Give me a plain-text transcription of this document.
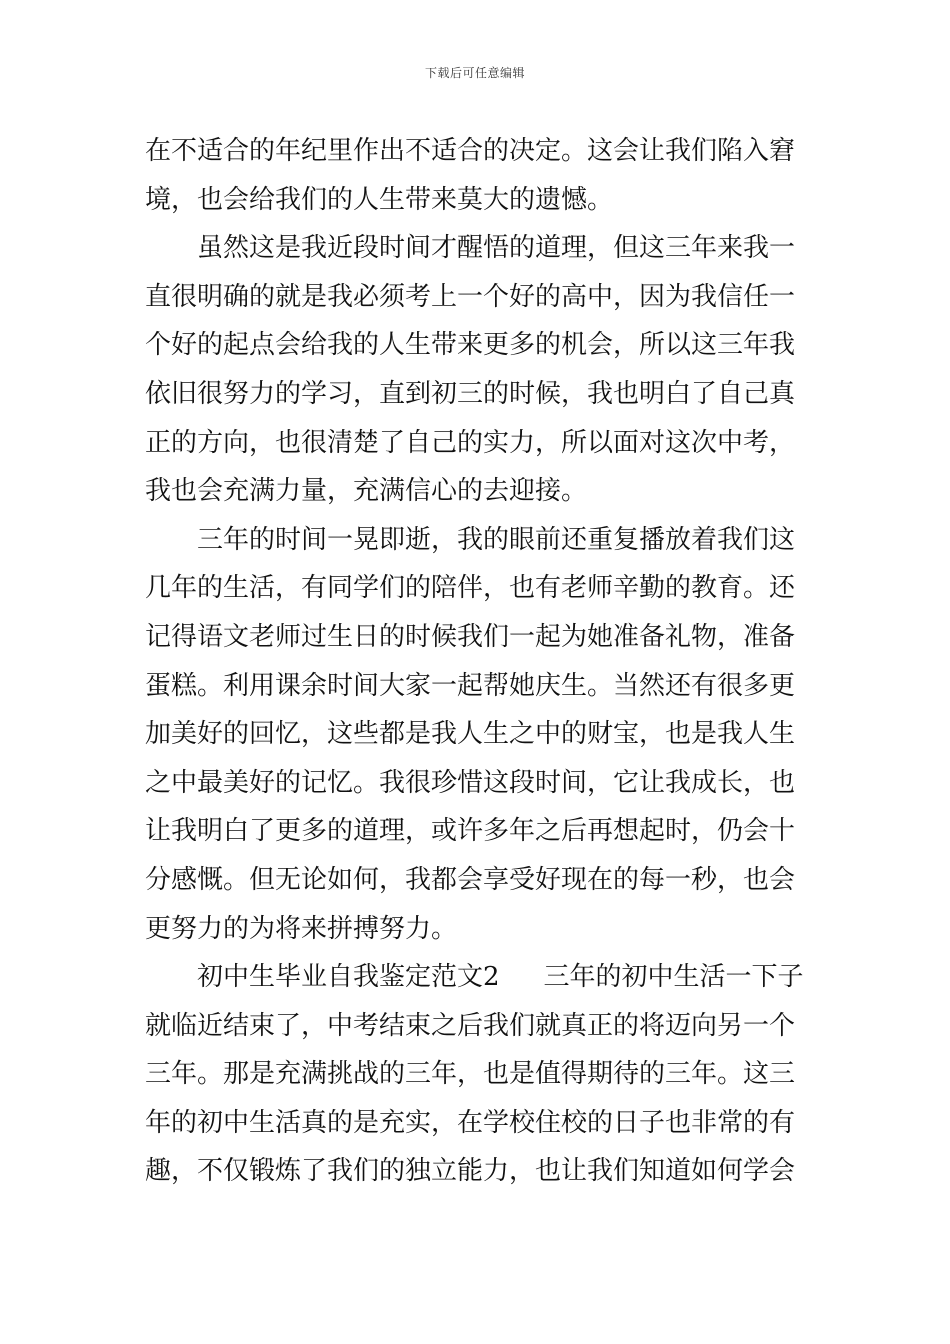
下载后可任意编辑
在不适合的年纪里作出不适合的决定。这会让我们陷入窘
境，也会给我们的人生带来莫大的遗憾。
虽然这是我近段时间才醒悟的道理，但这三年来我一
直很明确的就是我必须考上一个好的高中，因为我信任一
个好的起点会给我的人生带来更多的机会，所以这三年我
依旧很努力的学习，直到初三的时候，我也明白了自己真
正的方向，也很清楚了自己的实力，所以面对这次中考，
我也会充满力量，充满信心的去迎接。
三年的时间一晃即逝，我的眼前还重复播放着我们这
几年的生活，有同学们的陪伴，也有老师辛勤的教育。还
记得语文老师过生日的时候我们一起为她准备礼物，准备
蛋糕。利用课余时间大家一起帮她庆生。当然还有很多更
加美好的回忆，这些都是我人生之中的财宝，也是我人生
之中最美好的记忆。我很珍惜这段时间，它让我成长，也
让我明白了更多的道理，或许多年之后再想起时，仍会十
分感慨。但无论如何，我都会享受好现在的每一秒，也会
更努力的为将来拼搏努力。
初中生毕业自我鉴定范文2 三年的初中生活一下子
就临近结束了，中考结束之后我们就真正的将迈向另一个
三年。那是充满挑战的三年，也是值得期待的三年。这三
年的初中生活真的是充实，在学校住校的日子也非常的有
趣，不仅锻炼了我们的独立能力，也让我们知道如何学会
